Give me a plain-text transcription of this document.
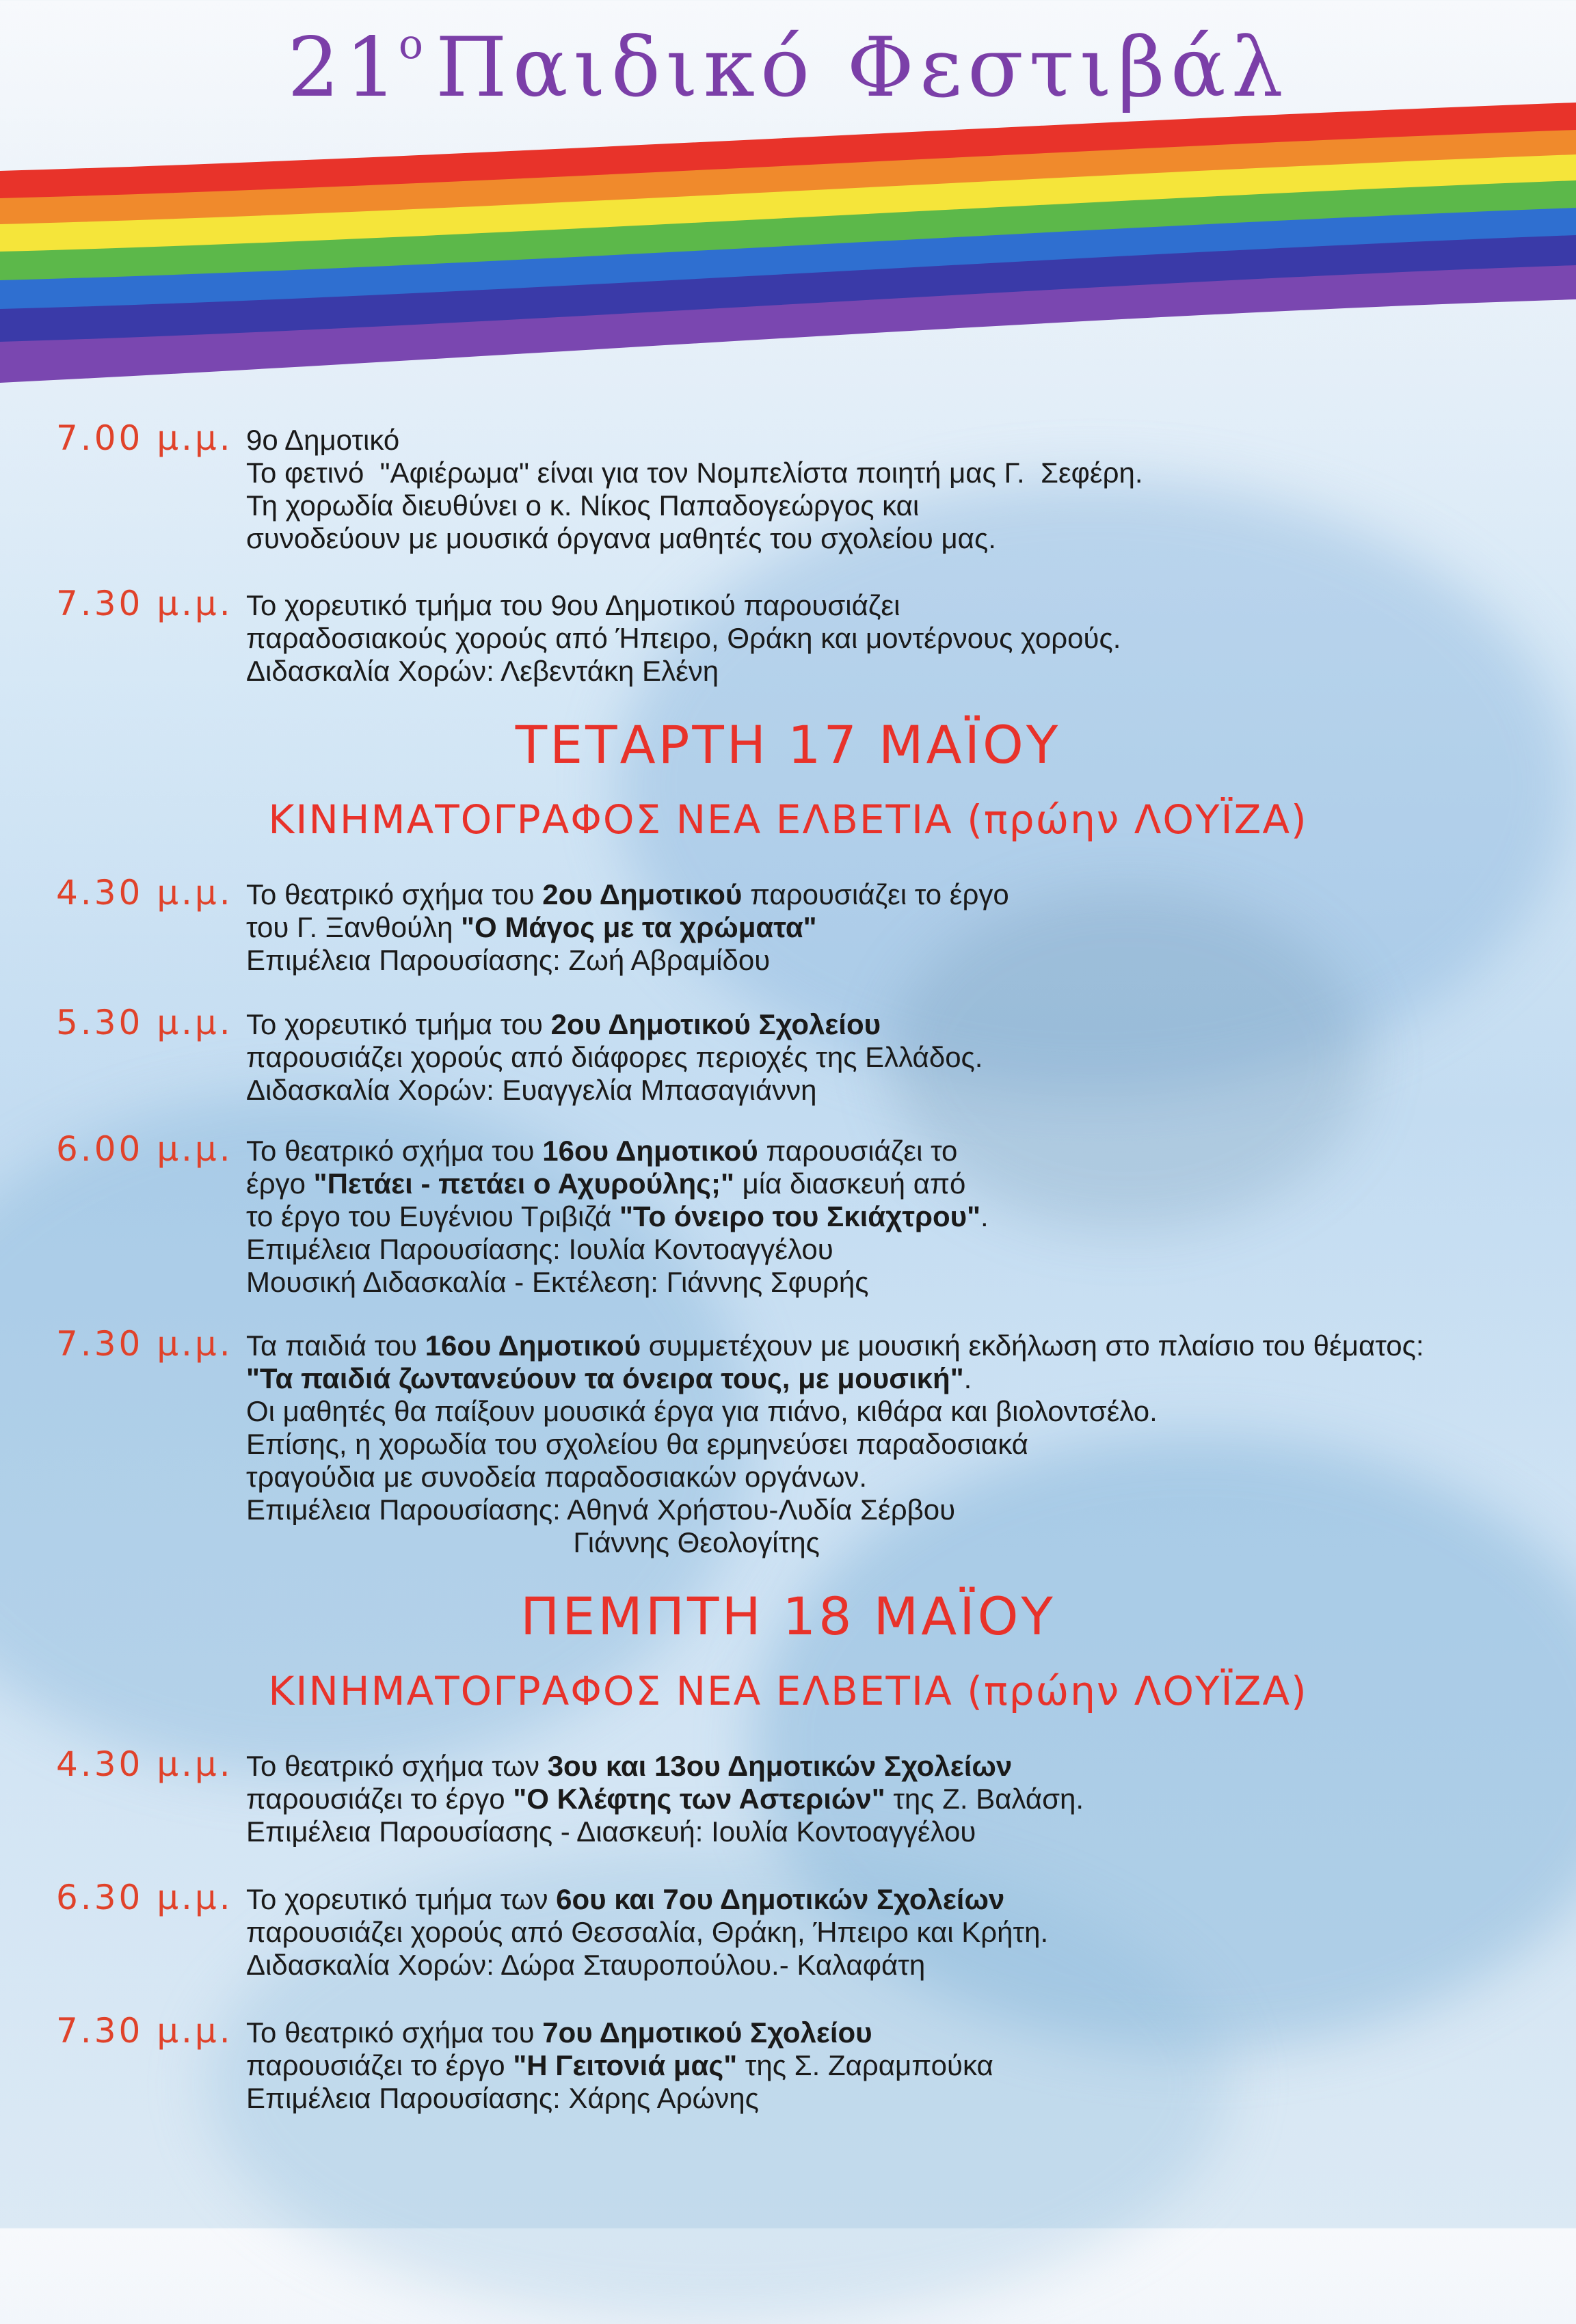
$21^o\Pi\alpha\iota\delta\iota\kappa ό$ Φεστιβάλ
7.00 μ.μ. 9ο Δημοτικό
Το φετινό  "Αφιέρωμα" είναι για τον Νομπελίστα ποιητή μας Γ.  Σεφέρη.
Τη χορωδία διευθύνει ο κ. Νίκος Παπαδογεώργος και
συνοδεύουν με μουσικά όργανα μαθητές του σχολείου μας.
7.30 μ.μ. Το χορευτικό τμήμα του 9ου Δημοτικού παρουσιάζει
παραδοσιακούς χορούς από Ήπειρο, Θράκη και μοντέρνους χορούς.
Διδασκαλία Χορών: Λεβεντάκη Ελένη
ΤΕΤΑΡΤΗ 17 ΜΑΪΟΥ
ΚΙΝΗΜΑΤΟΓΡΑΦΟΣ ΝΕΑ ΕΛΒΕΤΙΑ (πρώην ΛΟΥΪΖΑ)
4.30 μ.μ. Το θεατρικό σχήμα του 2ου Δημοτικού παρουσιάζει το έργο
του Γ. Ξανθούλη "Ο Μάγος με τα χρώματα"
Επιμέλεια Παρουσίασης: Ζωή Αβραμίδου
5.30 μ.μ. Το χορευτικό τμήμα του 2ου Δημοτικού Σχολείου
παρουσιάζει χορούς από διάφορες περιοχές της Ελλάδος.
Διδασκαλία Χορών: Ευαγγελία Μπασαγιάννη
6.00 μ.μ. Το θεατρικό σχήμα του 16ου Δημοτικού παρουσιάζει το
έργο "Πετάει - πετάει ο Αχυρούλης;" μία διασκευή από
το έργο του Ευγένιου Τριβιζά "Το όνειρο του Σκιάχτρου".
Επιμέλεια Παρουσίασης: Ιουλία Κοντοαγγέλου
Μουσική Διδασκαλία - Εκτέλεση: Γιάννης Σφυρής
7.30 μ.μ. Τα παιδιά του 16ου Δημοτικού συμμετέχουν με μουσική εκδήλωση στο πλαίσιο του θέματος:
"Τα παιδιά ζωντανεύουν τα όνειρα τους, με μουσική".
Οι μαθητές θα παίξουν μουσικά έργα για πιάνο, κιθάρα και βιολοντσέλο.
Επίσης, η χορωδία του σχολείου θα ερμηνεύσει παραδοσιακά
τραγούδια με συνοδεία παραδοσιακών οργάνων.
Επιμέλεια Παρουσίασης: Αθηνά Χρήστου-Λυδία Σέρβου
Γιάννης Θεολογίτης
ΠΕΜΠΤΗ 18 ΜΑΪΟΥ
ΚΙΝΗΜΑΤΟΓΡΑΦΟΣ ΝΕΑ ΕΛΒΕΤΙΑ (πρώην ΛΟΥΪΖΑ)
4.30 μ.μ. Το θεατρικό σχήμα των 3ου και 13ου Δημοτικών Σχολείων
παρουσιάζει το έργο "Ο Κλέφτης των Αστεριών" της Ζ. Βαλάση.
Επιμέλεια Παρουσίασης - Διασκευή: Ιουλία Κοντοαγγέλου
6.30 μ.μ. Το χορευτικό τμήμα των 6ου και 7ου Δημοτικών Σχολείων
παρουσιάζει χορούς από Θεσσαλία, Θράκη, Ήπειρο και Κρήτη.
Διδασκαλία Χορών: Δώρα Σταυροπούλου.- Καλαφάτη
7.30 μ.μ. Το θεατρικό σχήμα του 7ου Δημοτικού Σχολείου
παρουσιάζει το έργο "Η Γειτονιά μας" της Σ. Ζαραμπούκα
Επιμέλεια Παρουσίασης: Χάρης Αρώνης
